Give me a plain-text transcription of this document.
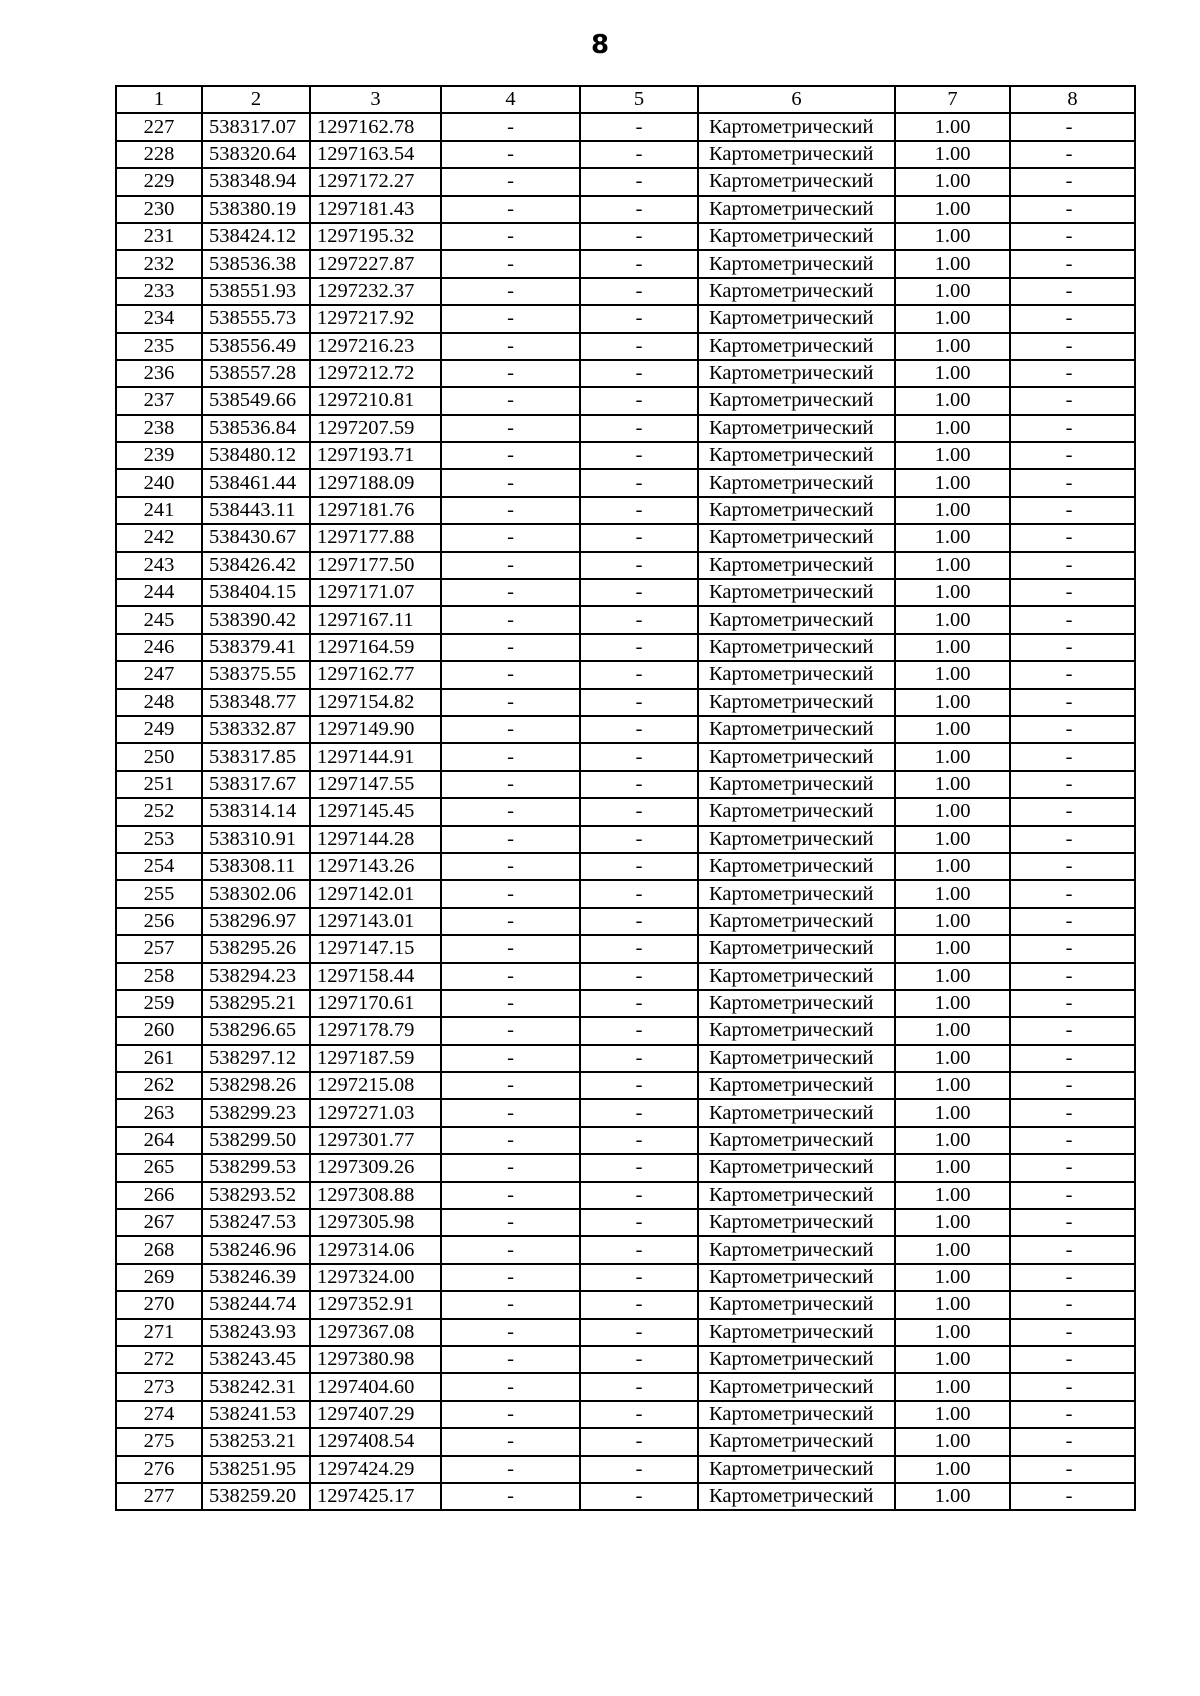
8
1	2	3	4	5	6	7	8
227	538317.07	1297162.78	-	-	Картометрический	1.00	-
228	538320.64	1297163.54	-	-	Картометрический	1.00	-
229	538348.94	1297172.27	-	-	Картометрический	1.00	-
230	538380.19	1297181.43	-	-	Картометрический	1.00	-
231	538424.12	1297195.32	-	-	Картометрический	1.00	-
232	538536.38	1297227.87	-	-	Картометрический	1.00	-
233	538551.93	1297232.37	-	-	Картометрический	1.00	-
234	538555.73	1297217.92	-	-	Картометрический	1.00	-
235	538556.49	1297216.23	-	-	Картометрический	1.00	-
236	538557.28	1297212.72	-	-	Картометрический	1.00	-
237	538549.66	1297210.81	-	-	Картометрический	1.00	-
238	538536.84	1297207.59	-	-	Картометрический	1.00	-
239	538480.12	1297193.71	-	-	Картометрический	1.00	-
240	538461.44	1297188.09	-	-	Картометрический	1.00	-
241	538443.11	1297181.76	-	-	Картометрический	1.00	-
242	538430.67	1297177.88	-	-	Картометрический	1.00	-
243	538426.42	1297177.50	-	-	Картометрический	1.00	-
244	538404.15	1297171.07	-	-	Картометрический	1.00	-
245	538390.42	1297167.11	-	-	Картометрический	1.00	-
246	538379.41	1297164.59	-	-	Картометрический	1.00	-
247	538375.55	1297162.77	-	-	Картометрический	1.00	-
248	538348.77	1297154.82	-	-	Картометрический	1.00	-
249	538332.87	1297149.90	-	-	Картометрический	1.00	-
250	538317.85	1297144.91	-	-	Картометрический	1.00	-
251	538317.67	1297147.55	-	-	Картометрический	1.00	-
252	538314.14	1297145.45	-	-	Картометрический	1.00	-
253	538310.91	1297144.28	-	-	Картометрический	1.00	-
254	538308.11	1297143.26	-	-	Картометрический	1.00	-
255	538302.06	1297142.01	-	-	Картометрический	1.00	-
256	538296.97	1297143.01	-	-	Картометрический	1.00	-
257	538295.26	1297147.15	-	-	Картометрический	1.00	-
258	538294.23	1297158.44	-	-	Картометрический	1.00	-
259	538295.21	1297170.61	-	-	Картометрический	1.00	-
260	538296.65	1297178.79	-	-	Картометрический	1.00	-
261	538297.12	1297187.59	-	-	Картометрический	1.00	-
262	538298.26	1297215.08	-	-	Картометрический	1.00	-
263	538299.23	1297271.03	-	-	Картометрический	1.00	-
264	538299.50	1297301.77	-	-	Картометрический	1.00	-
265	538299.53	1297309.26	-	-	Картометрический	1.00	-
266	538293.52	1297308.88	-	-	Картометрический	1.00	-
267	538247.53	1297305.98	-	-	Картометрический	1.00	-
268	538246.96	1297314.06	-	-	Картометрический	1.00	-
269	538246.39	1297324.00	-	-	Картометрический	1.00	-
270	538244.74	1297352.91	-	-	Картометрический	1.00	-
271	538243.93	1297367.08	-	-	Картометрический	1.00	-
272	538243.45	1297380.98	-	-	Картометрический	1.00	-
273	538242.31	1297404.60	-	-	Картометрический	1.00	-
274	538241.53	1297407.29	-	-	Картометрический	1.00	-
275	538253.21	1297408.54	-	-	Картометрический	1.00	-
276	538251.95	1297424.29	-	-	Картометрический	1.00	-
277	538259.20	1297425.17	-	-	Картометрический	1.00	-
